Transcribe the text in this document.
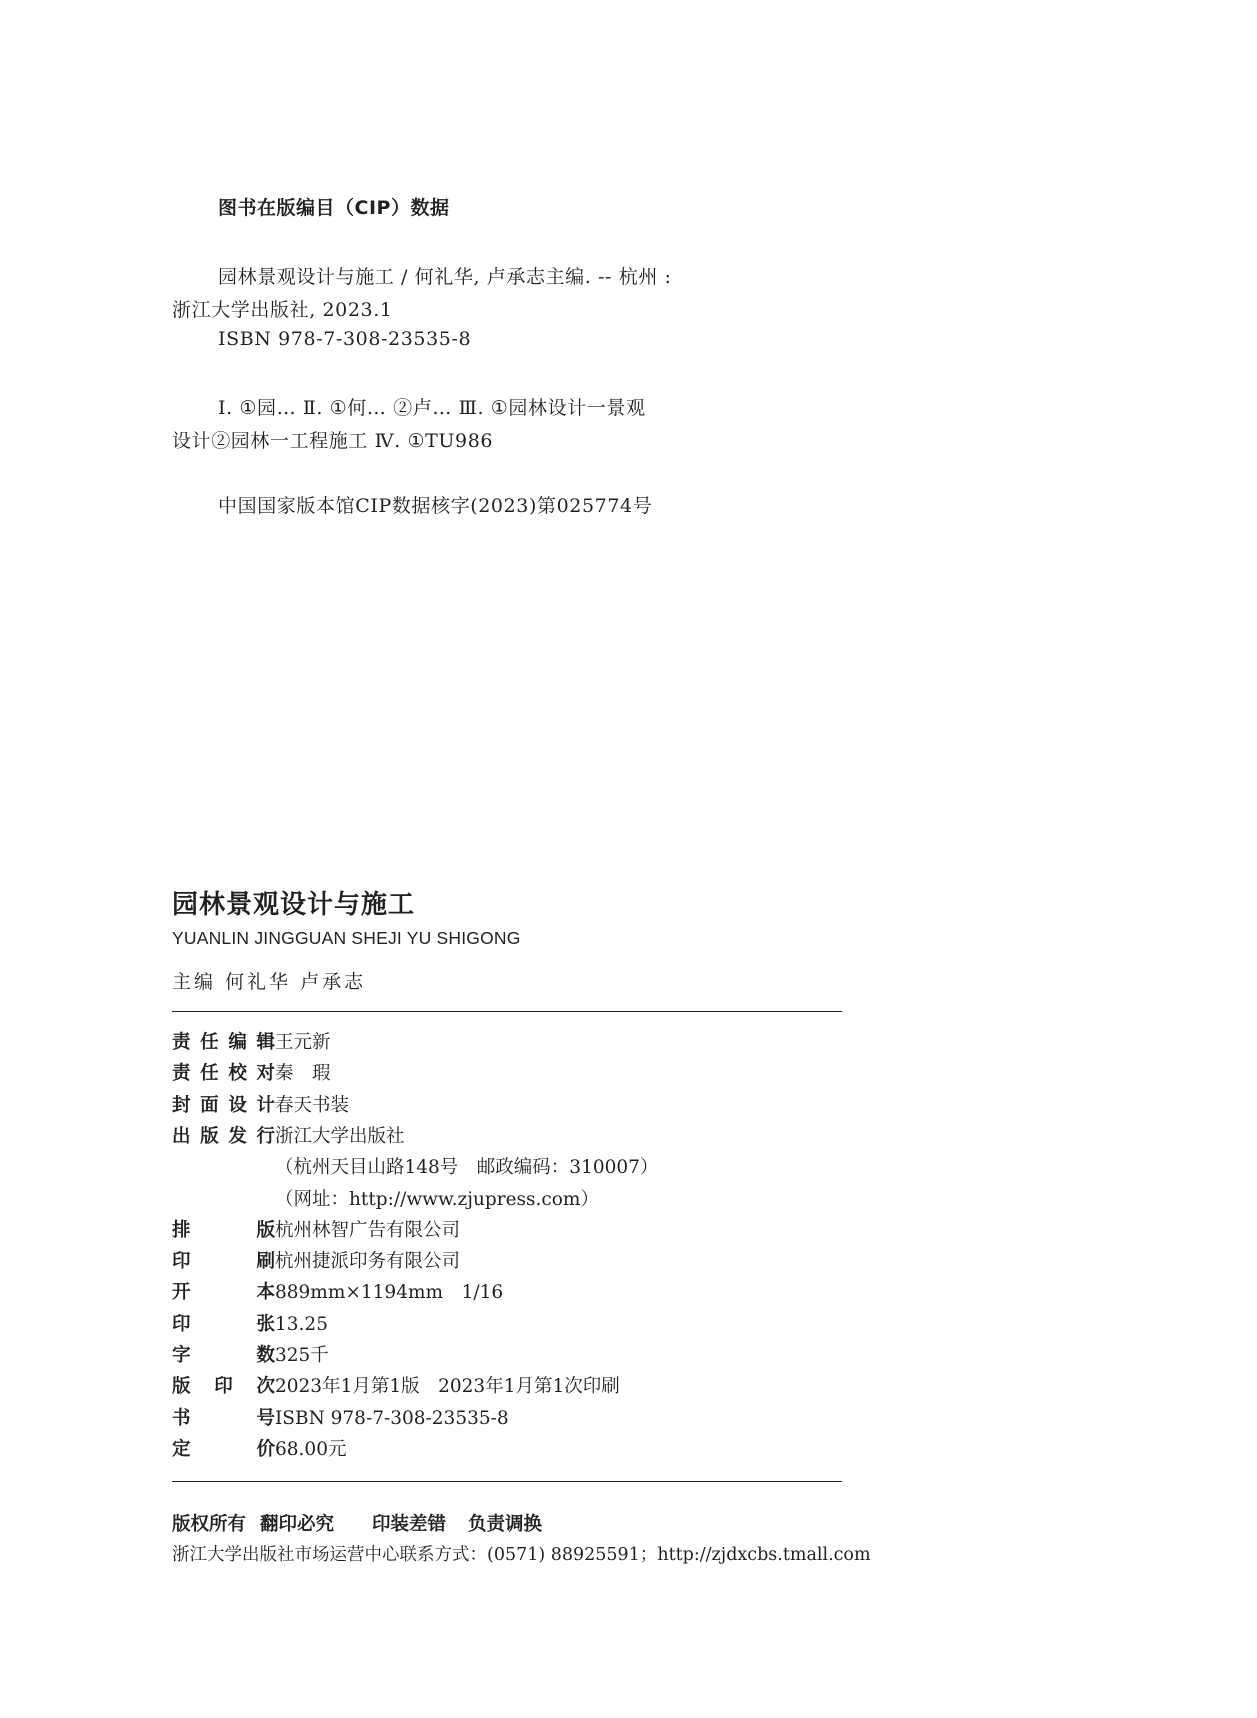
图书在版编目（CIP）数据
园林景观设计与施工 / 何礼华, 卢承志主编. -- 杭州 :
浙江大学出版社, 2023.1
ISBN 978-7-308-23535-8
Ⅰ. ①园… Ⅱ. ①何… ②卢… Ⅲ. ①园林设计一景观
设计②园林一工程施工 Ⅳ. ①TU986
中国国家版本馆CIP数据核字(2023)第025774号
园林景观设计与施工
YUANLIN JINGGUAN SHEJI YU SHIGONG
主编 何礼华 卢承志
责 任 编 辑 王元新
责 任 校 对 秦　瑕
封 面 设 计 春天书装
出 版 发 行 浙江大学出版社
（杭州天目山路148号　邮政编码：310007）
（网址：http://www.zjupress.com）
排	版 杭州林智广告有限公司
印	刷 杭州捷派印务有限公司
开	本 889mm×1194mm　1/16
印	张 13.25
字	数 325千
版 印 次 2023年1月第1版　2023年1月第1次印刷
书	号 ISBN 978-7-308-23535-8
定	价 68.00元
版权所有 翻印必究 印装差错 负责调换
浙江大学出版社市场运营中心联系方式：(0571) 88925591；http://zjdxcbs.tmall.com
